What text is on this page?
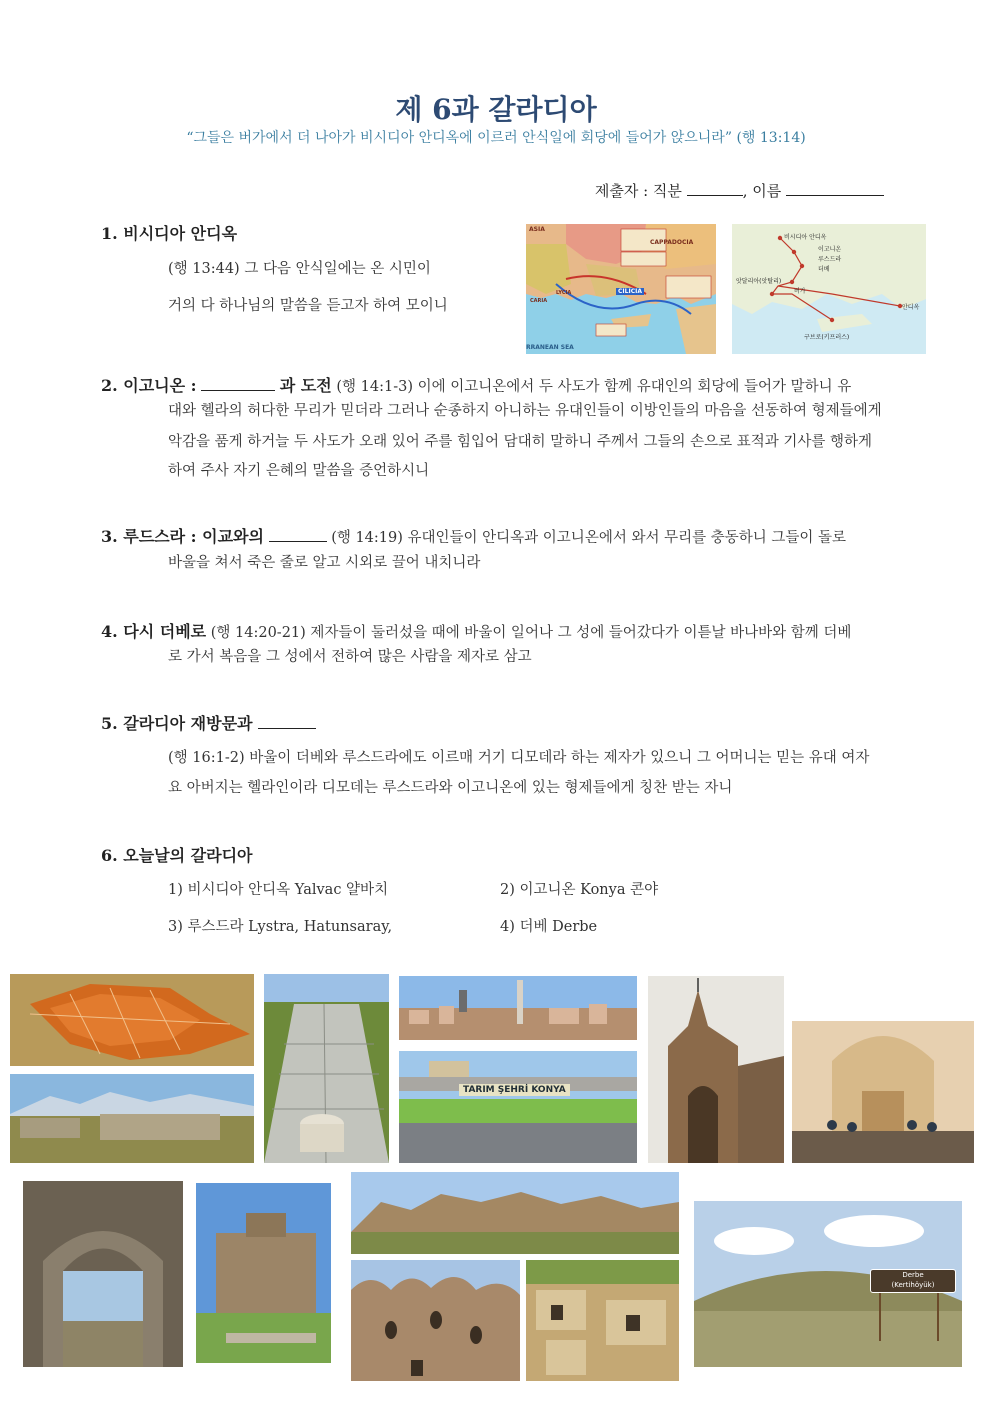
제 6과 갈라디아
“그들은 버가에서 더 나아가 비시디아 안디옥에 이르러 안식일에 회당에 들어가 앉으니라” (행 13:14)
제출자 : 직분	, 이름
1. 비시디아 안디옥
(행 13:44) 그 다음 안식일에는 온 시민이
거의 다 하나님의 말씀을 듣고자 하여 모이니
ASIA
CAPPADOCIA
CILICIA
LYCIA
CARIA
RRANEAN SEA
비시디아 안디옥
이고니온
루스드라
더베
앗달리아(앗탈리)
버가
안디옥
구브로(키프러스)
2. 이고니온 :	과 도전 (행 14:1-3) 이에 이고니온에서 두 사도가 함께 유대인의 회당에 들어가 말하니 유
대와 헬라의 허다한 무리가 믿더라 그러나 순종하지 아니하는 유대인들이 이방인들의 마음을 선동하여 형제들에게
악감을 품게 하거늘 두 사도가 오래 있어 주를 힘입어 담대히 말하니 주께서 그들의 손으로 표적과 기사를 행하게
하여 주사 자기 은혜의 말씀을 증언하시니
3. 루드스라 : 이교와의	(행 14:19) 유대인들이 안디옥과 이고니온에서 와서 무리를 충동하니 그들이 돌로
바울을 쳐서 죽은 줄로 알고 시외로 끌어 내치니라
4. 다시 더베로 (행 14:20-21) 제자들이 둘러섰을 때에 바울이 일어나 그 성에 들어갔다가 이튿날 바나바와 함께 더베
로 가서 복음을 그 성에서 전하여 많은 사람을 제자로 삼고
5. 갈라디아 재방문과
(행 16:1-2) 바울이 더베와 루스드라에도 이르매 거기 디모데라 하는 제자가 있으니 그 어머니는 믿는 유대 여자
요 아버지는 헬라인이라 디모데는 루스드라와 이고니온에 있는 형제들에게 칭찬 받는 자니
6. 오늘날의 갈라디아
1) 비시디아 안디옥 Yalvac 얄바치	2) 이고니온 Konya 콘야
3) 루스드라 Lystra, Hatunsaray,	4) 더베 Derbe
TARIM ŞEHRİ KONYA
Derbe
(Kertihöyük)
